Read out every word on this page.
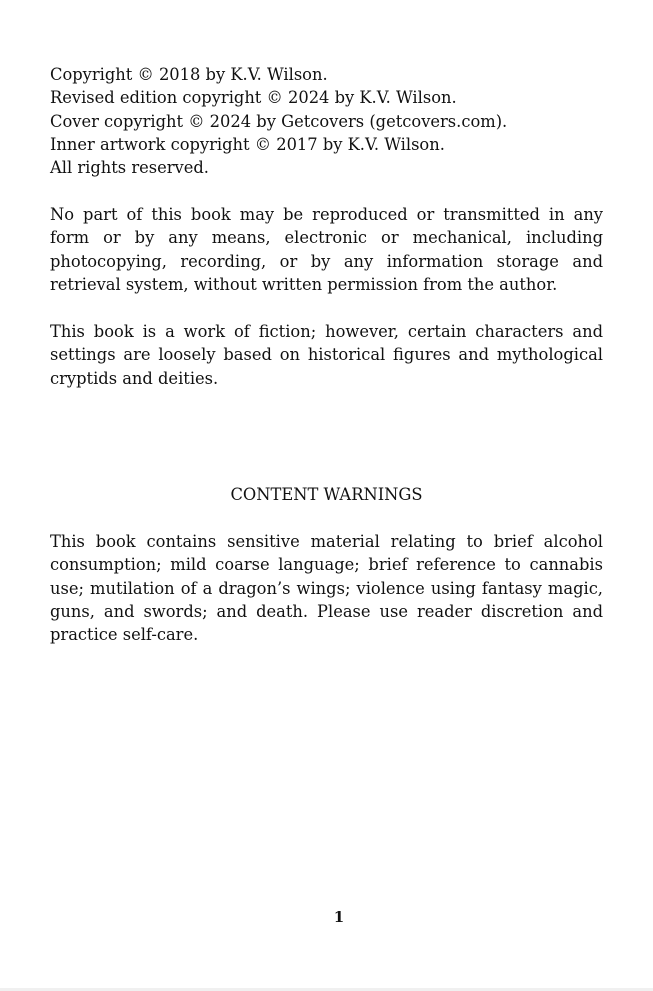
Copyright © 2018 by K.V. Wilson.
Revised edition copyright © 2024 by K.V. Wilson.
Cover copyright © 2024 by Getcovers (getcovers.com).
Inner artwork copyright © 2017 by K.V. Wilson.
All rights reserved.

No part of this book may be reproduced or transmitted in any form or by any means, electronic or mechanical, including photocopying, recording, or by any information storage and retrieval system, without written permission from the author.

This book is a work of fiction; however, certain characters and settings are loosely based on historical figures and mythological cryptids and deities.

CONTENT WARNINGS

This book contains sensitive material relating to brief alcohol consumption; mild coarse language; brief reference to cannabis use; mutilation of a dragon’s wings; violence using fantasy magic, guns, and swords; and death. Please use reader discretion and practice self-care.

1
